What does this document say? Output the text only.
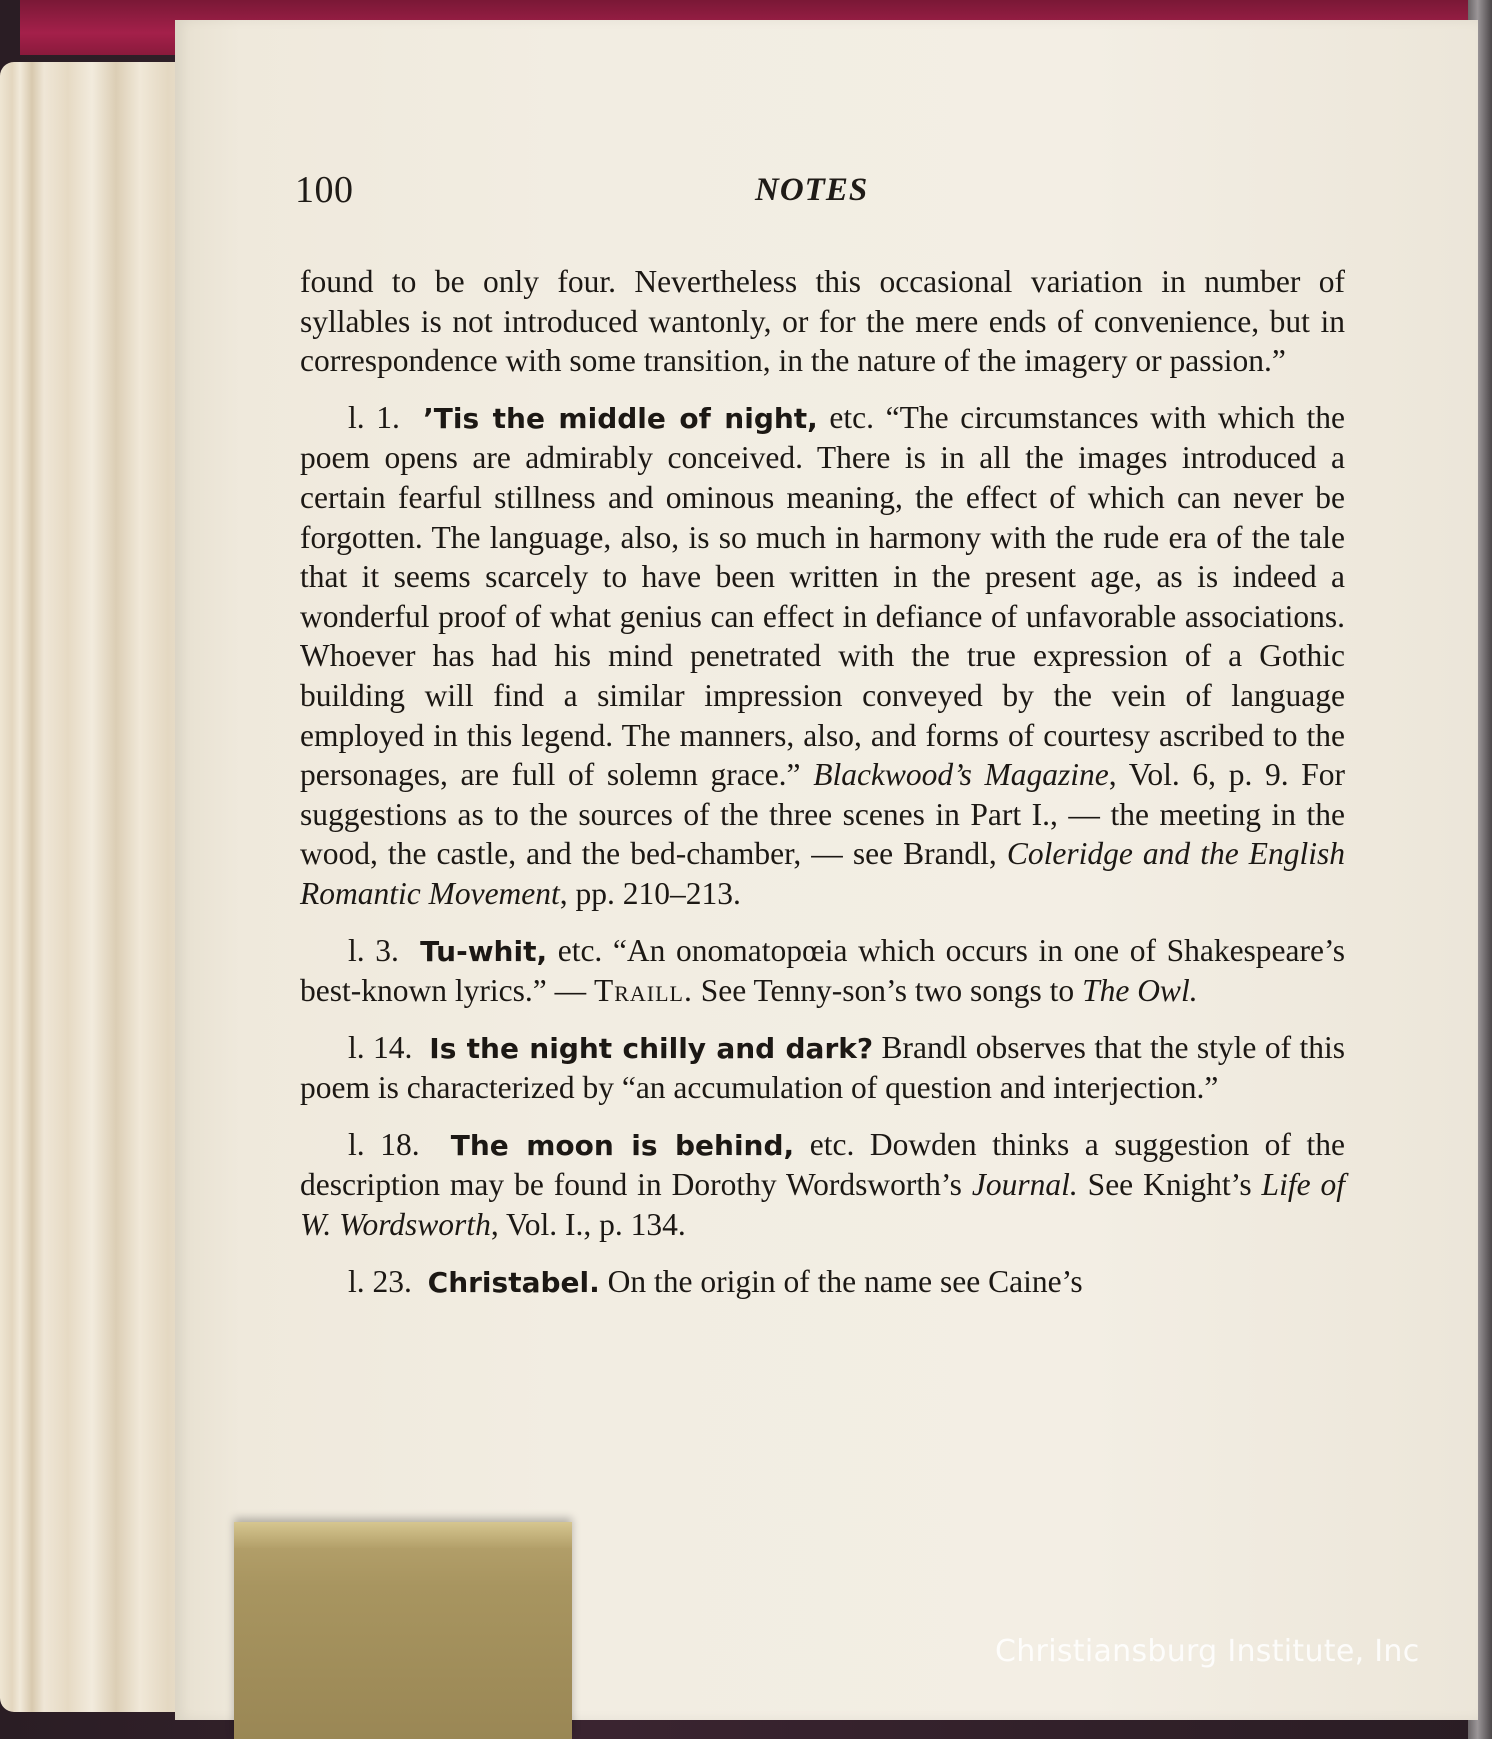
100	NOTES

found to be only four. Nevertheless this occasional variation in number of syllables is not introduced wantonly, or for the mere ends of convenience, but in correspondence with some transition, in the nature of the imagery or passion.”

l. 1. ’Tis the middle of night, etc. “The circumstances with which the poem opens are admirably conceived. There is in all the images introduced a certain fearful stillness and ominous meaning, the effect of which can never be forgotten. The language, also, is so much in harmony with the rude era of the tale that it seems scarcely to have been written in the present age, as is indeed a wonderful proof of what genius can effect in defiance of unfavorable associations. Whoever has had his mind penetrated with the true expression of a Gothic building will find a similar impression conveyed by the vein of language employed in this legend. The manners, also, and forms of courtesy ascribed to the personages, are full of solemn grace.” Blackwood’s Magazine, Vol. 6, p. 9. For suggestions as to the sources of the three scenes in Part I., — the meeting in the wood, the castle, and the bed-chamber, — see Brandl, Coleridge and the English Romantic Movement, pp. 210–213.

l. 3. Tu-whit, etc. “An onomatopœia which occurs in one of Shakespeare’s best-known lyrics.” — Traill. See Tenny-son’s two songs to The Owl.

l. 14. Is the night chilly and dark? Brandl observes that the style of this poem is characterized by “an accumulation of question and interjection.”

l. 18. The moon is behind, etc. Dowden thinks a suggestion of the description may be found in Dorothy Wordsworth’s Journal. See Knight’s Life of W. Wordsworth, Vol. I., p. 134.

l. 23. Christabel. On the origin of the name see Caine’s

Christiansburg Institute, Inc
